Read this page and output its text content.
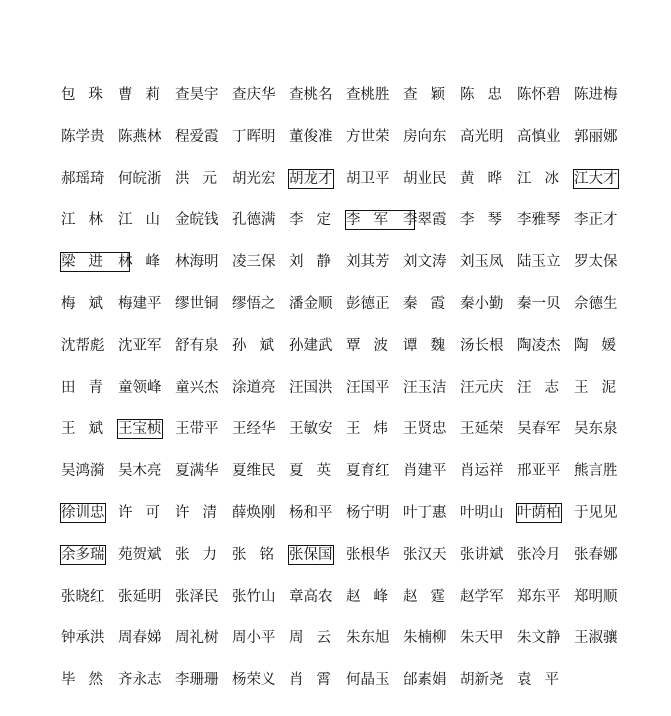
包珠 曹莉 查昊宇 查庆华 查桃名 查桃胜 查颖 陈忠 陈怀碧 陈进梅
陈学贵 陈燕林 程爱霞 丁晖明 董俊准 方世荣 房向东 高光明 高慎业 郭丽娜
郝瑶琦 何皖浙 洪元 胡光宏 胡龙才 胡卫平 胡业民 黄晔 江冰 江大才
江林 江山 金皖钱 孔德满 李定 李军 李翠霞 李琴 李雅琴 李正才
梁进 林峰 林海明 凌三保 刘静 刘其芳 刘文涛 刘玉凤 陆玉立 罗太保
梅斌 梅建平 缪世铜 缪悟之 潘金顺 彭德正 秦霞 秦小勤 秦一贝 佘德生
沈帮彪 沈亚军 舒有泉 孙斌 孙建武 覃波 谭魏 汤长根 陶凌杰 陶媛
田青 童领峰 童兴杰 涂道亮 汪国洪 汪国平 汪玉洁 汪元庆 汪志 王泥
王斌 王宝桢 王带平 王经华 王敏安 王炜 王贤忠 王延荣 吴春军 吴东泉
吴鸿漪 吴木亮 夏满华 夏维民 夏英 夏育红 肖建平 肖运祥 邢亚平 熊言胜
徐训忠 许可 许清 薛焕刚 杨和平 杨宁明 叶丁惠 叶明山 叶荫柏 于见见
余多瑞 苑贺斌 张力 张铭 张保国 张根华 张汉天 张讲斌 张冷月 张春娜
张晓红 张延明 张泽民 张竹山 章高农 赵峰 赵霆 赵学军 郑东平 郑明顺
钟承洪 周春娣 周礼树 周小平 周云 朱东旭 朱楠柳 朱天甲 朱文静 王淑骧
毕然 齐永志 李珊珊 杨荣义 肖霄 何晶玉 邰素娟 胡新尧 袁平
